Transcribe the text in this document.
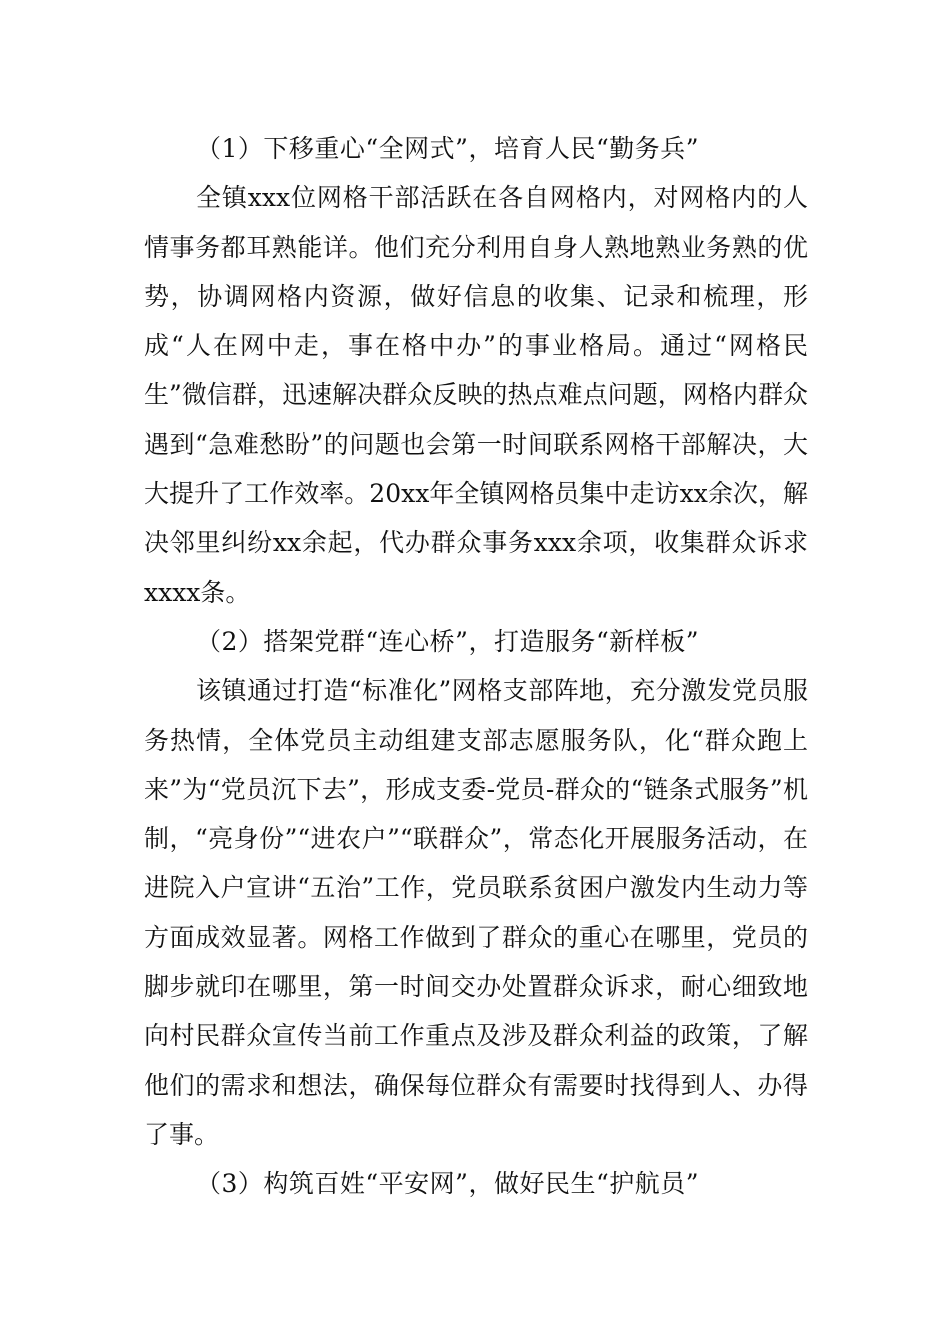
（1）下移重心“全网式”，培育人民“勤务兵”

全镇xxx位网格干部活跃在各自网格内，对网格内的人情事务都耳熟能详。他们充分利用自身人熟地熟业务熟的优势，协调网格内资源，做好信息的收集、记录和梳理，形成“人在网中走，事在格中办”的事业格局。通过“网格民生”微信群，迅速解决群众反映的热点难点问题，网格内群众遇到“急难愁盼”的问题也会第一时间联系网格干部解决，大大提升了工作效率。20xx年全镇网格员集中走访xx余次，解决邻里纠纷xx余起，代办群众事务xxx余项，收集群众诉求xxxx条。

（2）搭架党群“连心桥”，打造服务“新样板”

该镇通过打造“标准化”网格支部阵地，充分激发党员服务热情，全体党员主动组建支部志愿服务队，化“群众跑上来”为“党员沉下去”，形成支委-党员-群众的“链条式服务”机制，“亮身份”“进农户”“联群众”，常态化开展服务活动，在进院入户宣讲“五治”工作，党员联系贫困户激发内生动力等方面成效显著。网格工作做到了群众的重心在哪里，党员的脚步就印在哪里，第一时间交办处置群众诉求，耐心细致地向村民群众宣传当前工作重点及涉及群众利益的政策，了解他们的需求和想法，确保每位群众有需要时找得到人、办得了事。

（3）构筑百姓“平安网”，做好民生“护航员”
